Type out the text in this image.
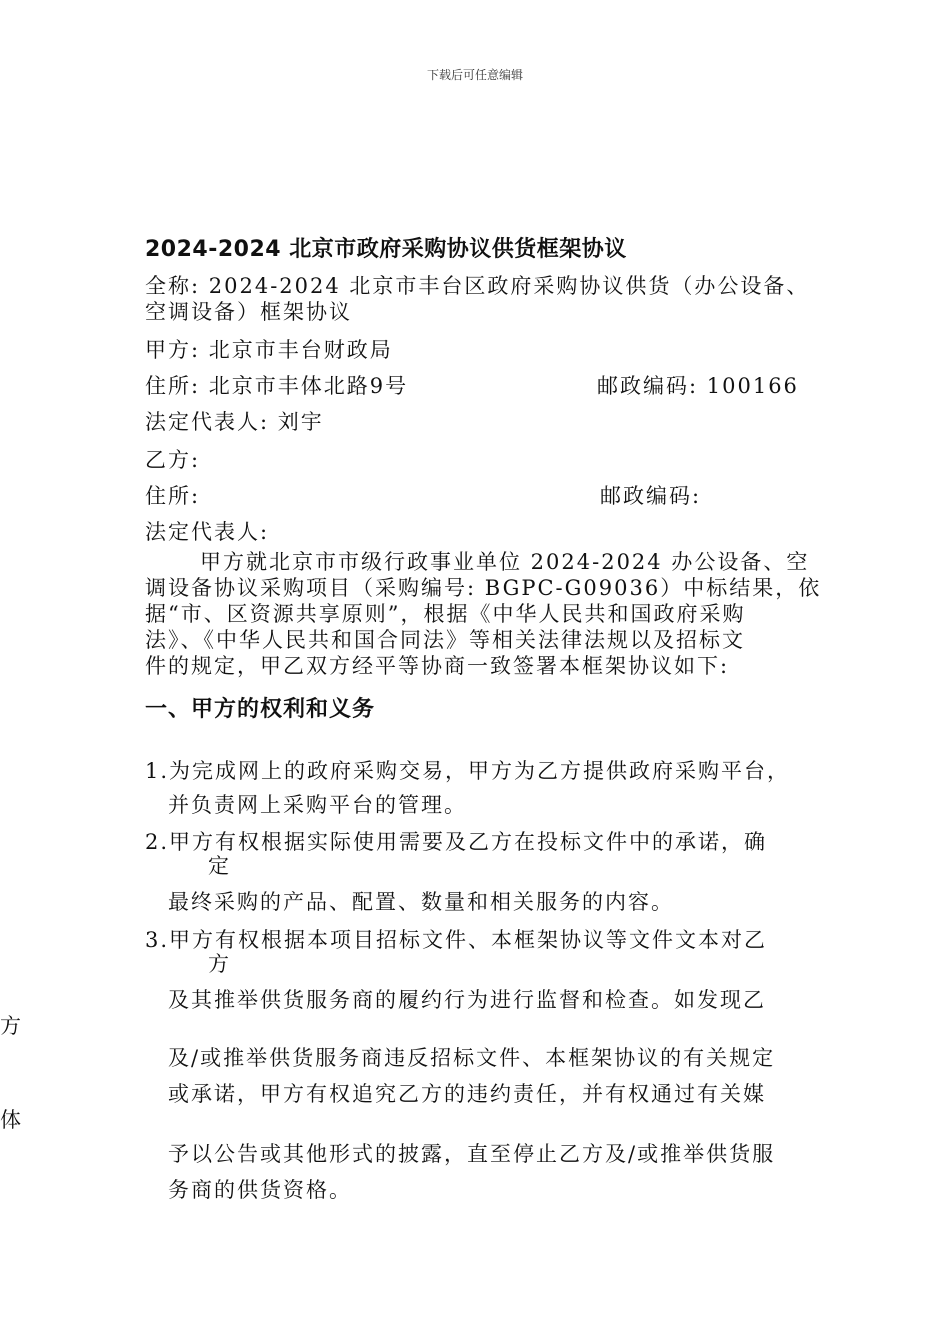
下载后可任意编辑
2024-2024 北京市政府采购协议供货框架协议
全称: 2024-2024 北京市丰台区政府采购协议供货（办公设备、
空调设备）框架协议
甲方: 北京市丰台财政局
住所: 北京市丰体北路9号	邮政编码: 100166
法定代表人: 刘宇
乙方:
住所:	邮政编码:
法定代表人:
甲方就北京市市级行政事业单位 2024-2024 办公设备、空
调设备协议采购项目（采购编号: BGPC-G09036）中标结果，依
据“市、区资源共享原则”，根据《中华人民共和国政府采购
法》、《中华人民共和国合同法》等相关法律法规以及招标文
件的规定，甲乙双方经平等协商一致签署本框架协议如下:
一、甲方的权利和义务
1.为完成网上的政府采购交易，甲方为乙方提供政府采购平台，
并负责网上采购平台的管理。
2.甲方有权根据实际使用需要及乙方在投标文件中的承诺，确
定
最终采购的产品、配置、数量和相关服务的内容。
3.甲方有权根据本项目招标文件、本框架协议等文件文本对乙
方
及其推举供货服务商的履约行为进行监督和检查。如发现乙
方
及/或推举供货服务商违反招标文件、本框架协议的有关规定
或承诺，甲方有权追究乙方的违约责任，并有权通过有关媒
体
予以公告或其他形式的披露，直至停止乙方及/或推举供货服
务商的供货资格。
